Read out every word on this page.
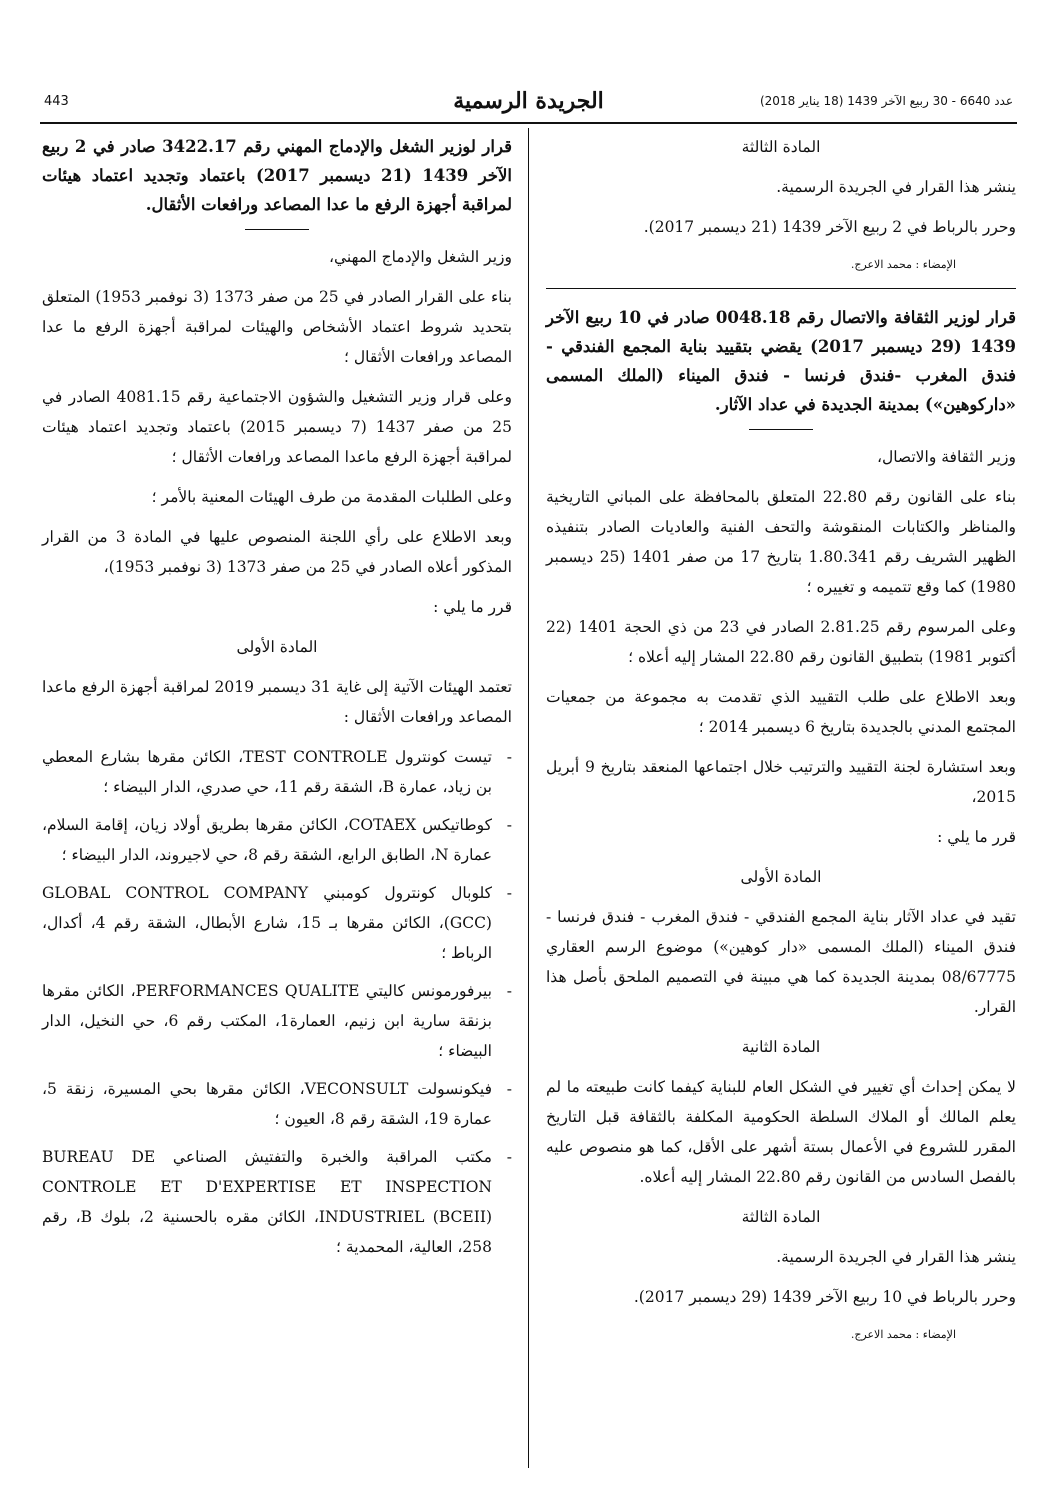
443	الجريدة الرسمية	عدد 6640 - 30 ربيع الآخر 1439 (18 يناير 2018)

المادة الثالثة

ينشر هذا القرار في الجريدة الرسمية.

وحرر بالرباط في 2 ربيع الآخر 1439 (21 ديسمبر 2017).

الإمضاء : محمد الاعرج.

قرار لوزير الثقافة والاتصال رقم 0048.18 صادر في 10 ربيع الآخر 1439 (29 ديسمبر 2017) يقضي بتقييد بناية المجمع الفندقي - فندق المغرب -فندق فرنسا - فندق الميناء (الملك المسمى «داركوهين») بمدينة الجديدة في عداد الآثار.

وزير الثقافة والاتصال،

بناء على القانون رقم 22.80 المتعلق بالمحافظة على المباني التاريخية والمناظر والكتابات المنقوشة والتحف الفنية والعاديات الصادر بتنفيذه الظهير الشريف رقم 1.80.341 بتاريخ 17 من صفر 1401 (25 ديسمبر 1980) كما وقع تتميمه و تغييره ؛

وعلى المرسوم رقم 2.81.25 الصادر في 23 من ذي الحجة 1401 (22 أكتوبر 1981) بتطبيق القانون رقم 22.80 المشار إليه أعلاه ؛

وبعد الاطلاع على طلب التقييد الذي تقدمت به مجموعة من جمعيات المجتمع المدني بالجديدة بتاريخ 6 ديسمبر 2014 ؛

وبعد استشارة لجنة التقييد والترتيب خلال اجتماعها المنعقد بتاريخ 9 أبريل 2015،

قرر ما يلي :

المادة الأولى

تقيد في عداد الآثار بناية المجمع الفندقي - فندق المغرب - فندق فرنسا - فندق الميناء (الملك المسمى «دار كوهين») موضوع الرسم العقاري 08/67775 بمدينة الجديدة كما هي مبينة في التصميم الملحق بأصل هذا القرار.

المادة الثانية

لا يمكن إحداث أي تغيير في الشكل العام للبناية كيفما كانت طبيعته ما لم يعلم المالك أو الملاك السلطة الحكومية المكلفة بالثقافة قبل التاريخ المقرر للشروع في الأعمال بستة أشهر على الأقل، كما هو منصوص عليه بالفصل السادس من القانون رقم 22.80 المشار إليه أعلاه.

المادة الثالثة

ينشر هذا القرار في الجريدة الرسمية.

وحرر بالرباط في 10 ربيع الآخر 1439 (29 ديسمبر 2017).

الإمضاء : محمد الاعرج.

قرار لوزير الشغل والإدماج المهني رقم 3422.17 صادر في 2 ربيع الآخر 1439 (21 ديسمبر 2017) باعتماد وتجديد اعتماد هيئات لمراقبة أجهزة الرفع ما عدا المصاعد ورافعات الأثقال.

وزير الشغل والإدماج المهني،

بناء على القرار الصادر في 25 من صفر 1373 (3 نوفمبر 1953) المتعلق بتحديد شروط اعتماد الأشخاص والهيئات لمراقبة أجهزة الرفع ما عدا المصاعد ورافعات الأثقال ؛

وعلى قرار وزير التشغيل والشؤون الاجتماعية رقم 4081.15 الصادر في 25 من صفر 1437 (7 ديسمبر 2015) باعتماد وتجديد اعتماد هيئات لمراقبة أجهزة الرفع ماعدا المصاعد ورافعات الأثقال ؛

وعلى الطلبات المقدمة من طرف الهيئات المعنية بالأمر ؛

وبعد الاطلاع على رأي اللجنة المنصوص عليها في المادة 3 من القرار المذكور أعلاه الصادر في 25 من صفر 1373 (3 نوفمبر 1953)،

قرر ما يلي :

المادة الأولى

تعتمد الهيئات الآتية إلى غاية 31 ديسمبر 2019 لمراقبة أجهزة الرفع ماعدا المصاعد ورافعات الأثقال :

-
تيست كونترول TEST CONTROLE، الكائن مقرها بشارع المعطي بن زياد، عمارة B، الشقة رقم 11، حي صدري، الدار البيضاء ؛
-
كوطاتيكس COTAEX، الكائن مقرها بطريق أولاد زيان، إقامة السلام، عمارة N، الطابق الرابع، الشقة رقم 8، حي لاجيروند، الدار البيضاء ؛
-
كلوبال كونترول كومبني GLOBAL CONTROL COMPANY (GCC)، الكائن مقرها بـ 15، شارع الأبطال، الشقة رقم 4، أكدال، الرباط ؛
-
بيرفورمونس كاليتي PERFORMANCES QUALITE، الكائن مقرها بزنقة سارية ابن زنيم، العمارة1، المكتب رقم 6، حي النخيل، الدار البيضاء ؛
-
فيكونسولت VECONSULT، الكائن مقرها بحي المسيرة، زنقة 5، عمارة 19، الشقة رقم 8، العيون ؛
-
مكتب المراقبة والخبرة والتفتيش الصناعي BUREAU DE CONTROLE ET D'EXPERTISE ET INSPECTION INDUSTRIEL (BCEII)، الكائن مقره بالحسنية 2، بلوك B، رقم 258، العالية، المحمدية ؛
